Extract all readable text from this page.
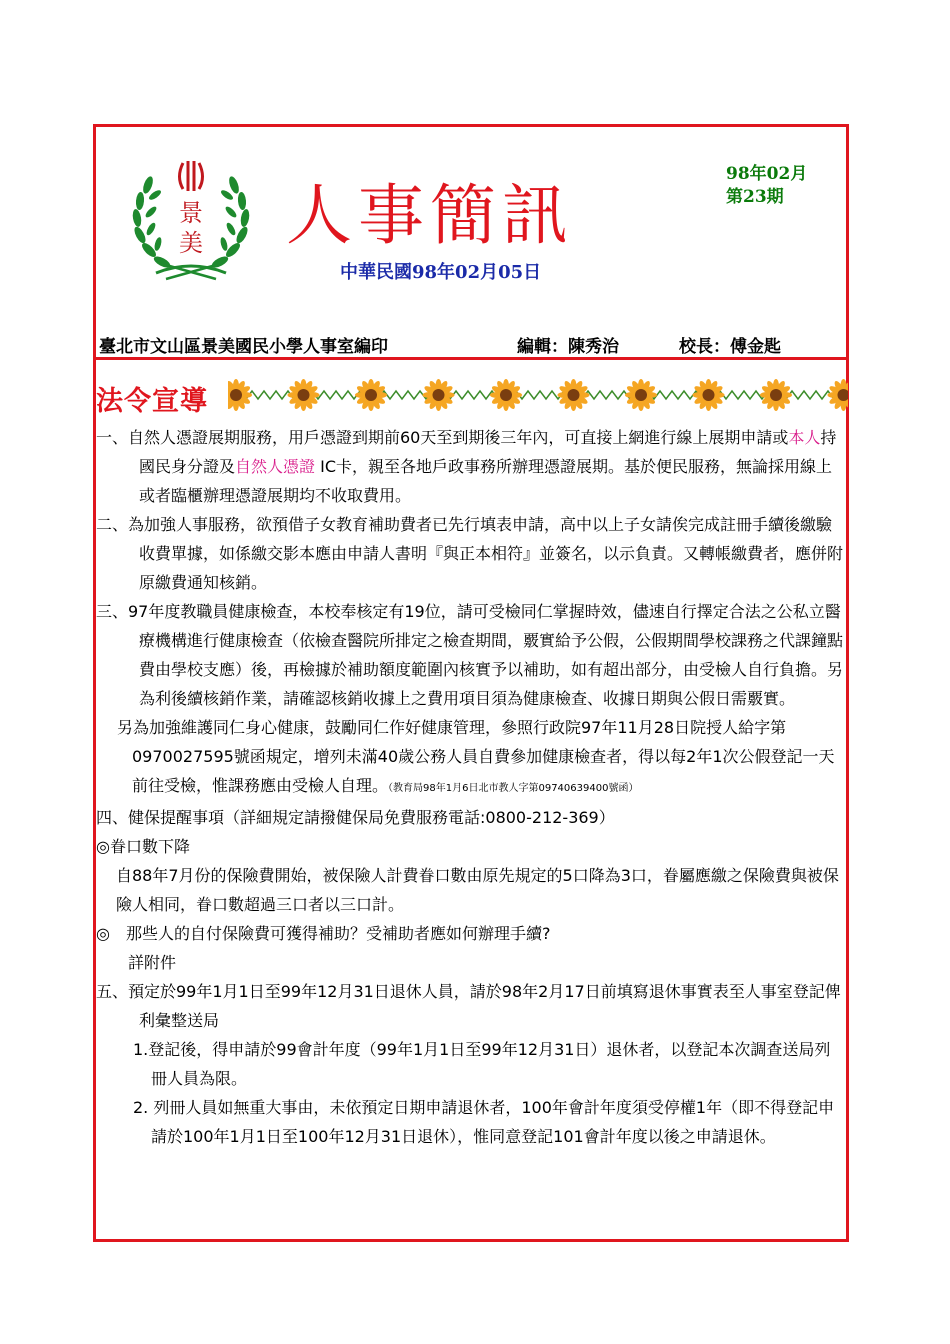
景
美 人事簡訊
98年02月
第23期
中華民國98年02月05日
臺北市文山區景美國民小學人事室編印	編輯：陳秀治	校長：傅金匙
法令宣導

一、自然人憑證展期服務，用戶憑證到期前60天至到期後三年內，可直接上網進行線上展期申請或本人持國民身分證及自然人憑證 IC卡，親至各地戶政事務所辦理憑證展期。基於便民服務，無論採用線上或者臨櫃辦理憑證展期均不收取費用。

二、為加強人事服務，欲預借子女教育補助費者已先行填表申請，高中以上子女請俟完成註冊手續後繳驗收費單據，如係繳交影本應由申請人書明『與正本相符』並簽名，以示負責。又轉帳繳費者，應併附原繳費通知核銷。

三、97年度教職員健康檢查，本校奉核定有19位，請可受檢同仁掌握時效，儘速自行擇定合法之公私立醫療機構進行健康檢查（依檢查醫院所排定之檢查期間，覈實給予公假，公假期間學校課務之代課鐘點費由學校支應）後，再檢據於補助額度範圍內核實予以補助，如有超出部分，由受檢人自行負擔。另為利後續核銷作業，請確認核銷收據上之費用項目須為健康檢查、收據日期與公假日需覈實。

另為加強維護同仁身心健康，鼓勵同仁作好健康管理，參照行政院97年11月28日院授人給字第0970027595號函規定，增列未滿40歲公務人員自費參加健康檢查者，得以每2年1次公假登記一天前往受檢，惟課務應由受檢人自理。（教育局98年1月6日北市教人字第09740639400號函）

四、健保提醒事項（詳細規定請撥健保局免費服務電話:0800-212-369）

◎眷口數下降

自88年7月份的保險費開始，被保險人計費眷口數由原先規定的5口降為3口，眷屬應繳之保險費與被保險人相同，眷口數超過三口者以三口計。

◎　那些人的自付保險費可獲得補助？受補助者應如何辦理手續?

詳附件

五、預定於99年1月1日至99年12月31日退休人員，請於98年2月17日前填寫退休事實表至人事室登記俾利彙整送局

1.登記後，得申請於99會計年度（99年1月1日至99年12月31日）退休者，以登記本次調查送局列冊人員為限。

2. 列冊人員如無重大事由，未依預定日期申請退休者，100年會計年度須受停權1年（即不得登記申請於100年1月1日至100年12月31日退休），惟同意登記101會計年度以後之申請退休。
